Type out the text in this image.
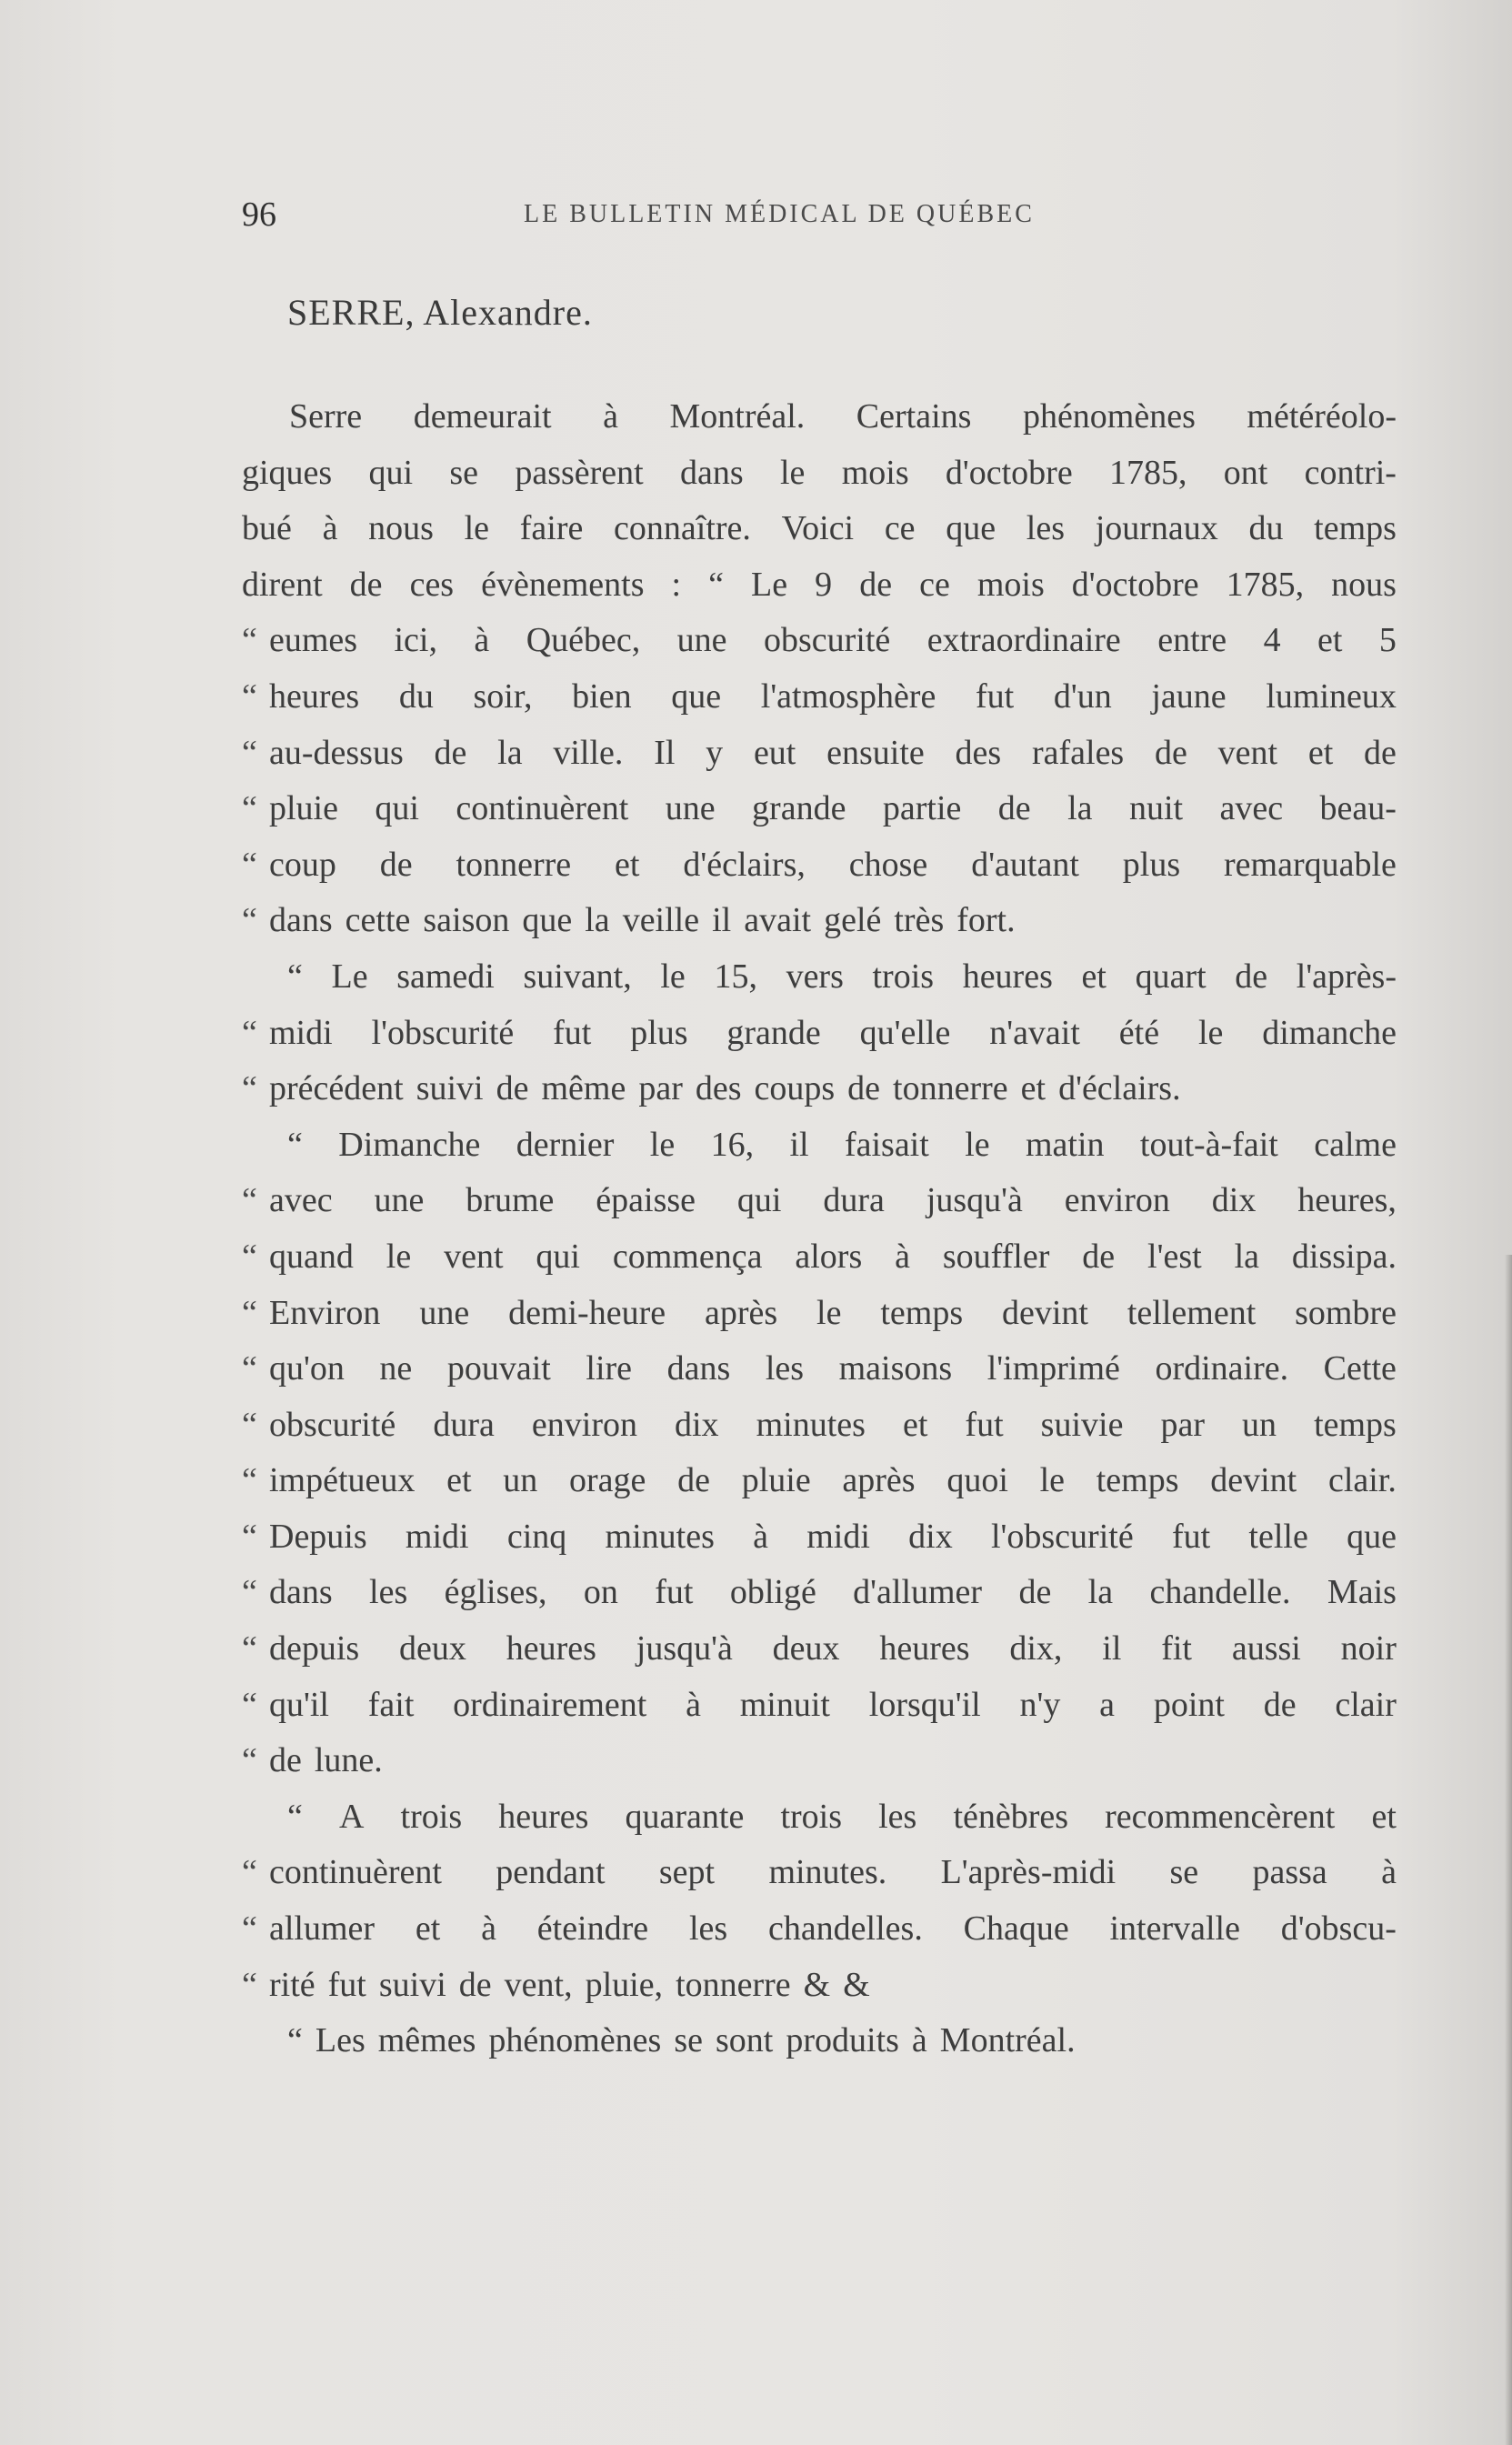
96	LE BULLETIN MÉDICAL DE QUÉBEC
SERRE, Alexandre.
Serre demeurait à Montréal. Certains phénomènes météréolo-
giques qui se passèrent dans le mois d'octobre 1785, ont contri-
bué à nous le faire connaître. Voici ce que les journaux du temps
dirent de ces évènements : “ Le 9 de ce mois d'octobre 1785, nous
“ eumes ici, à Québec, une obscurité extraordinaire entre 4 et 5
“ heures du soir, bien que l'atmosphère fut d'un jaune lumineux
“ au-dessus de la ville. Il y eut ensuite des rafales de vent et de
“ pluie qui continuèrent une grande partie de la nuit avec beau-
“ coup de tonnerre et d'éclairs, chose d'autant plus remarquable
“ dans cette saison que la veille il avait gelé très fort.
“ Le samedi suivant, le 15, vers trois heures et quart de l'après-
“ midi l'obscurité fut plus grande qu'elle n'avait été le dimanche
“ précédent suivi de même par des coups de tonnerre et d'éclairs.
“ Dimanche dernier le 16, il faisait le matin tout-à-fait calme
“ avec une brume épaisse qui dura jusqu'à environ dix heures,
“ quand le vent qui commença alors à souffler de l'est la dissipa.
“ Environ une demi-heure après le temps devint tellement sombre
“ qu'on ne pouvait lire dans les maisons l'imprimé ordinaire. Cette
“ obscurité dura environ dix minutes et fut suivie par un temps
“ impétueux et un orage de pluie après quoi le temps devint clair.
“ Depuis midi cinq minutes à midi dix l'obscurité fut telle que
“ dans les églises, on fut obligé d'allumer de la chandelle. Mais
“ depuis deux heures jusqu'à deux heures dix, il fit aussi noir
“ qu'il fait ordinairement à minuit lorsqu'il n'y a point de clair
“ de lune.
“ A trois heures quarante trois les ténèbres recommencèrent et
“ continuèrent pendant sept minutes. L'après-midi se passa à
“ allumer et à éteindre les chandelles. Chaque intervalle d'obscu-
“ rité fut suivi de vent, pluie, tonnerre & &
“ Les mêmes phénomènes se sont produits à Montréal.
